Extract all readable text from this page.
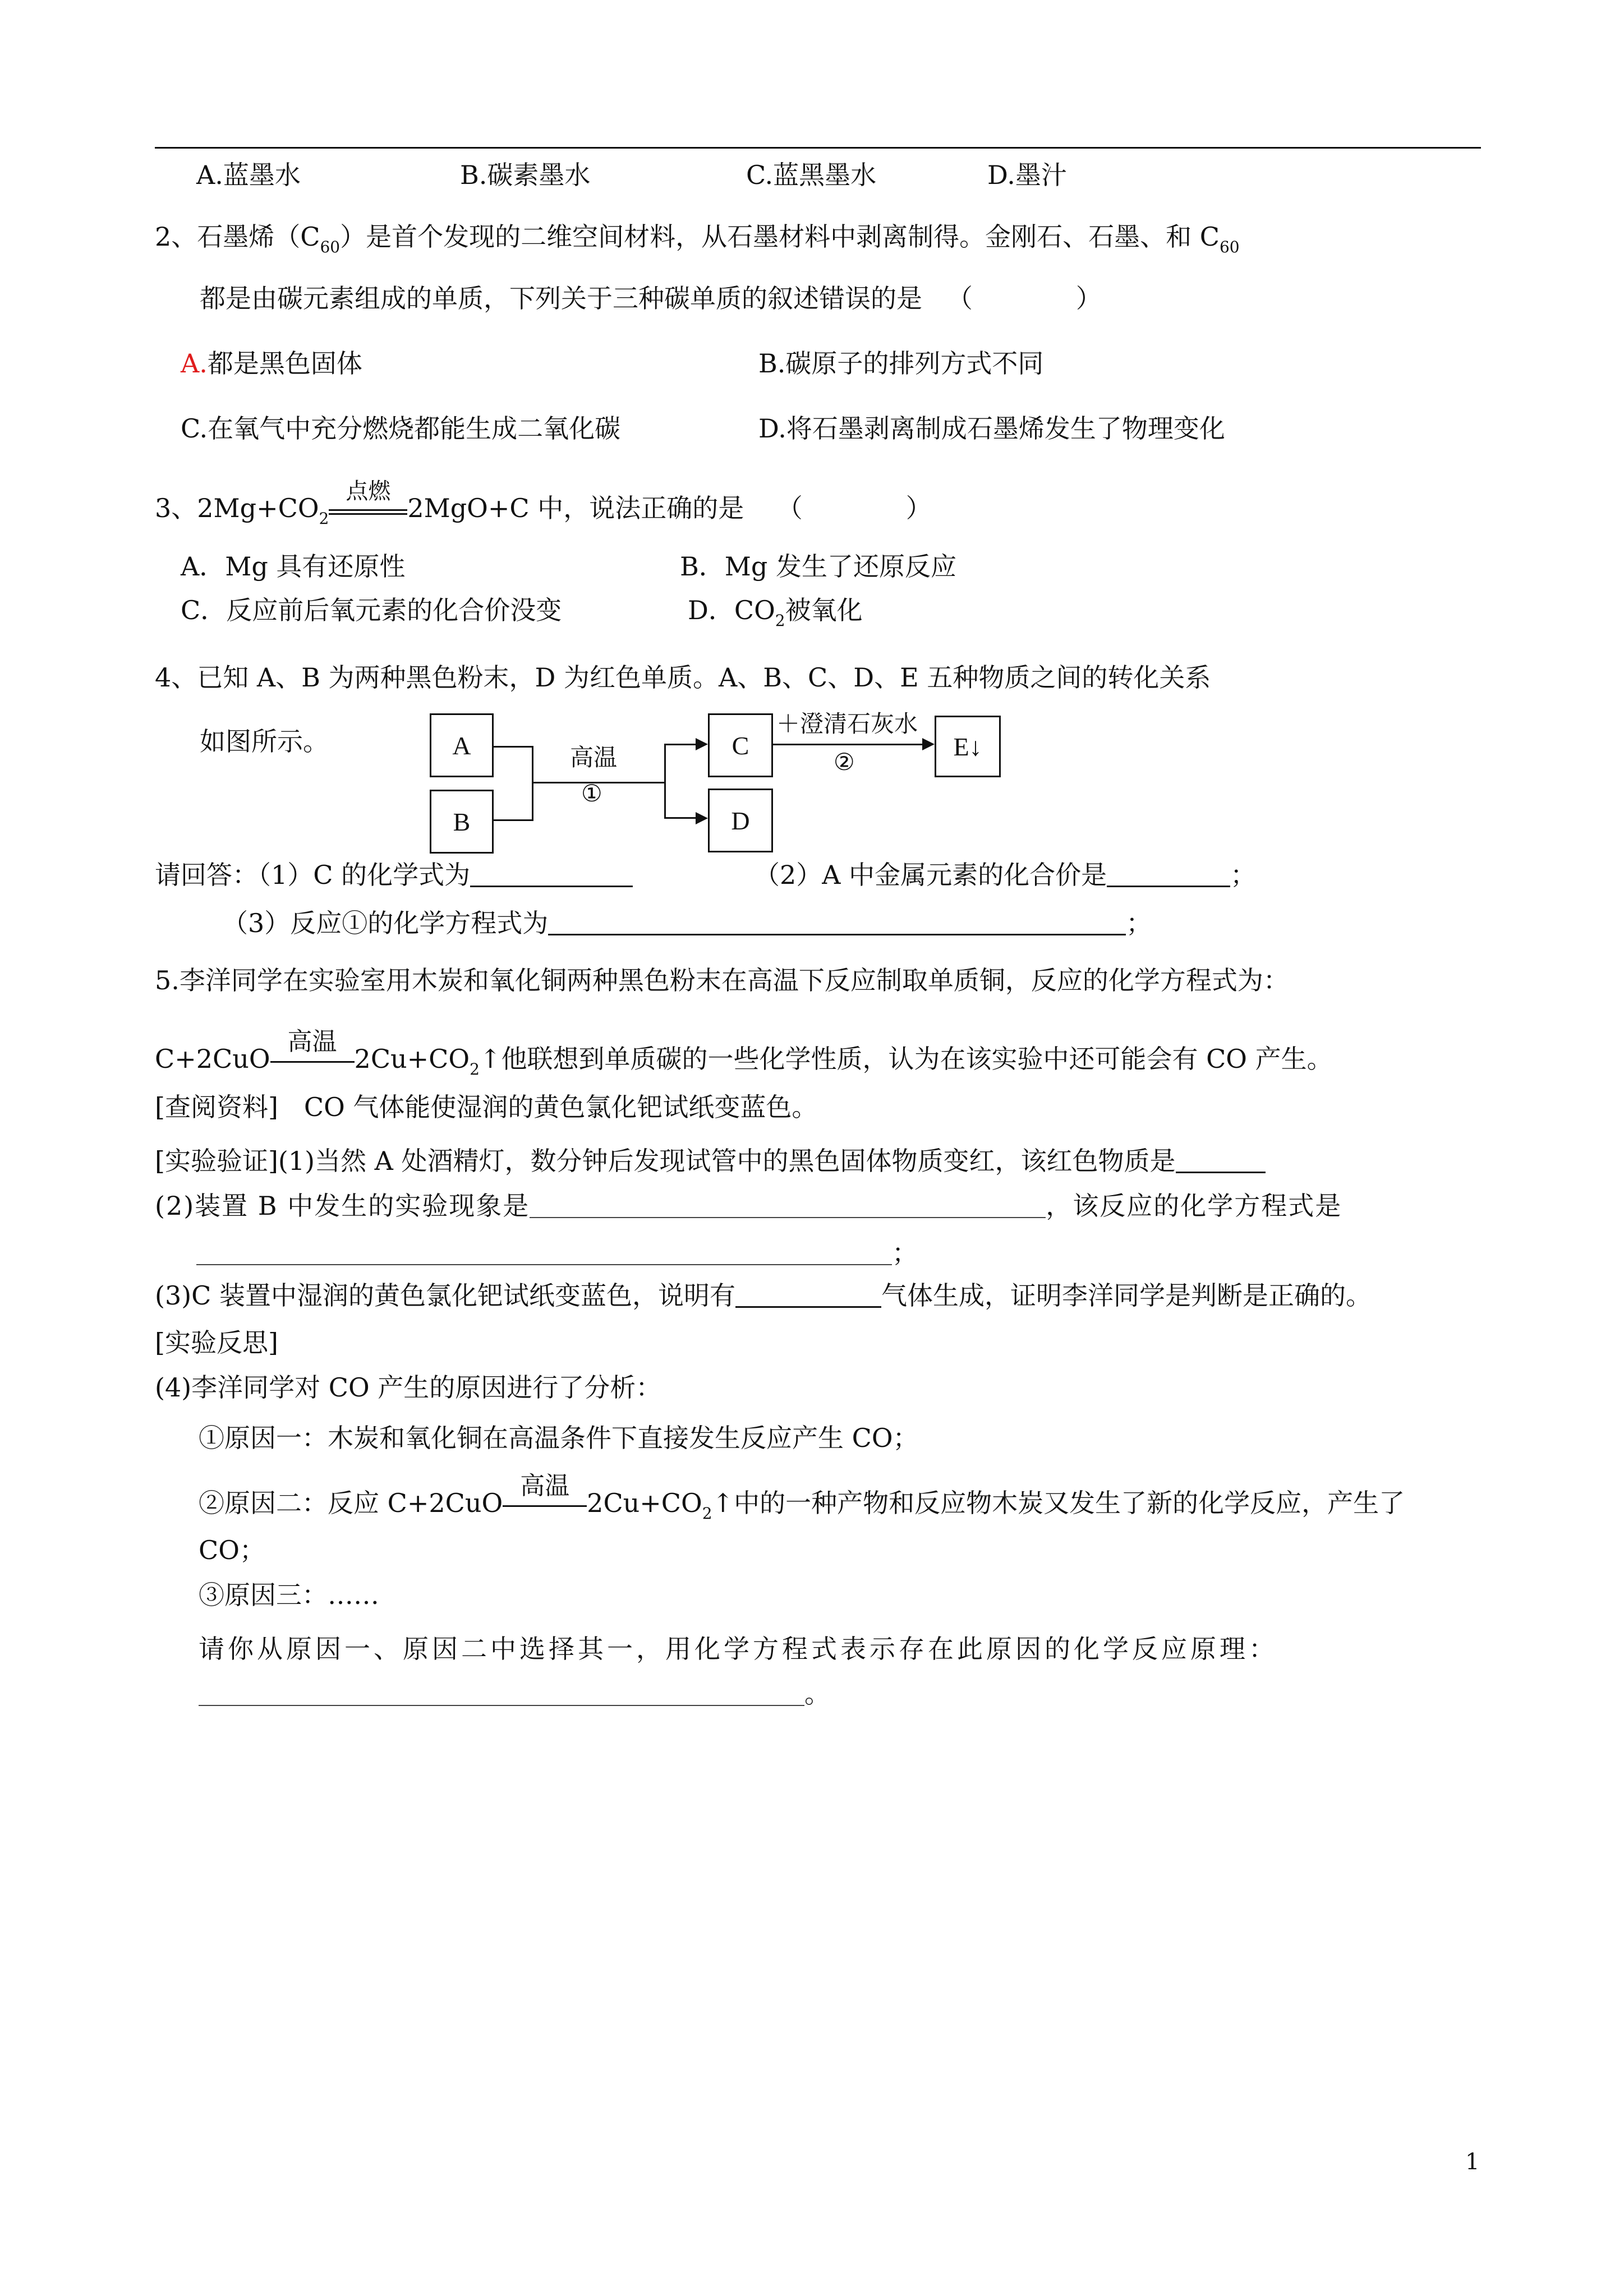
A.蓝墨水	B.碳素墨水	C.蓝黑墨水	D.墨汁
2、石墨烯$(C_{60})$是首个发现的二维空间材料，从石墨材料中剥离制得。金刚石、石墨、和 $C_{60}$
都是由碳元素组成的单质，下列关于三种碳单质的叙述错误的是 （　　　　）
A.都是黑色固体	B.碳原子的排列方式不同
C.在氧气中充分燃烧都能生成二氧化碳	D.将石墨剥离制成石墨烯发生了物理变化
3、$2Mg+CO_2$
点燃
2MgO+C 中，说法正确的是 （　　　　）
A．Mg 具有还原性	B．Mg 发生了还原反应
C．反应前后氧元素的化合价没变	D．$CO_2$被氧化
4、已知 A、B 为两种黑色粉末，D 为红色单质。A、B、C、D、E 五种物质之间的转化关系
如图所示。	A
B
C
D
E↓
高温
①
＋澄清石灰水
②
请回答：（1）C 的化学式为	（2）A 中金属元素的化合价是	；
（3）反应①的化学方程式为	；
5.李洋同学在实验室用木炭和氧化铜两种黑色粉末在高温下反应制取单质铜，反应的化学方程式为：
C+2CuO
高温
$2Cu+CO_2↑$他联想到单质碳的一些化学性质，认为在该实验中还可能会有 CO 产生。
[查阅资料]　CO 气体能使湿润的黄色氯化钯试纸变蓝色。
[实验验证](1)当然 A 处酒精灯，数分钟后发现试管中的黑色固体物质变红，该红色物质是
(2)装置 B 中发生的实验现象是	，该反应的化学方程式是
；
(3)C 装置中湿润的黄色氯化钯试纸变蓝色，说明有	气体生成，证明李洋同学是判断是正确的。
[实验反思]
(4)李洋同学对 CO 产生的原因进行了分析：
①原因一：木炭和氧化铜在高温条件下直接发生反应产生 CO；
②原因二：反应 C+2CuO
高温
$2Cu+CO_2↑$中的一种产物和反应物木炭又发生了新的化学反应，产生了
CO；
③原因三：……
请你从原因一、原因二中选择其一，用化学方程式表示存在此原因的化学反应原理：
。
1
